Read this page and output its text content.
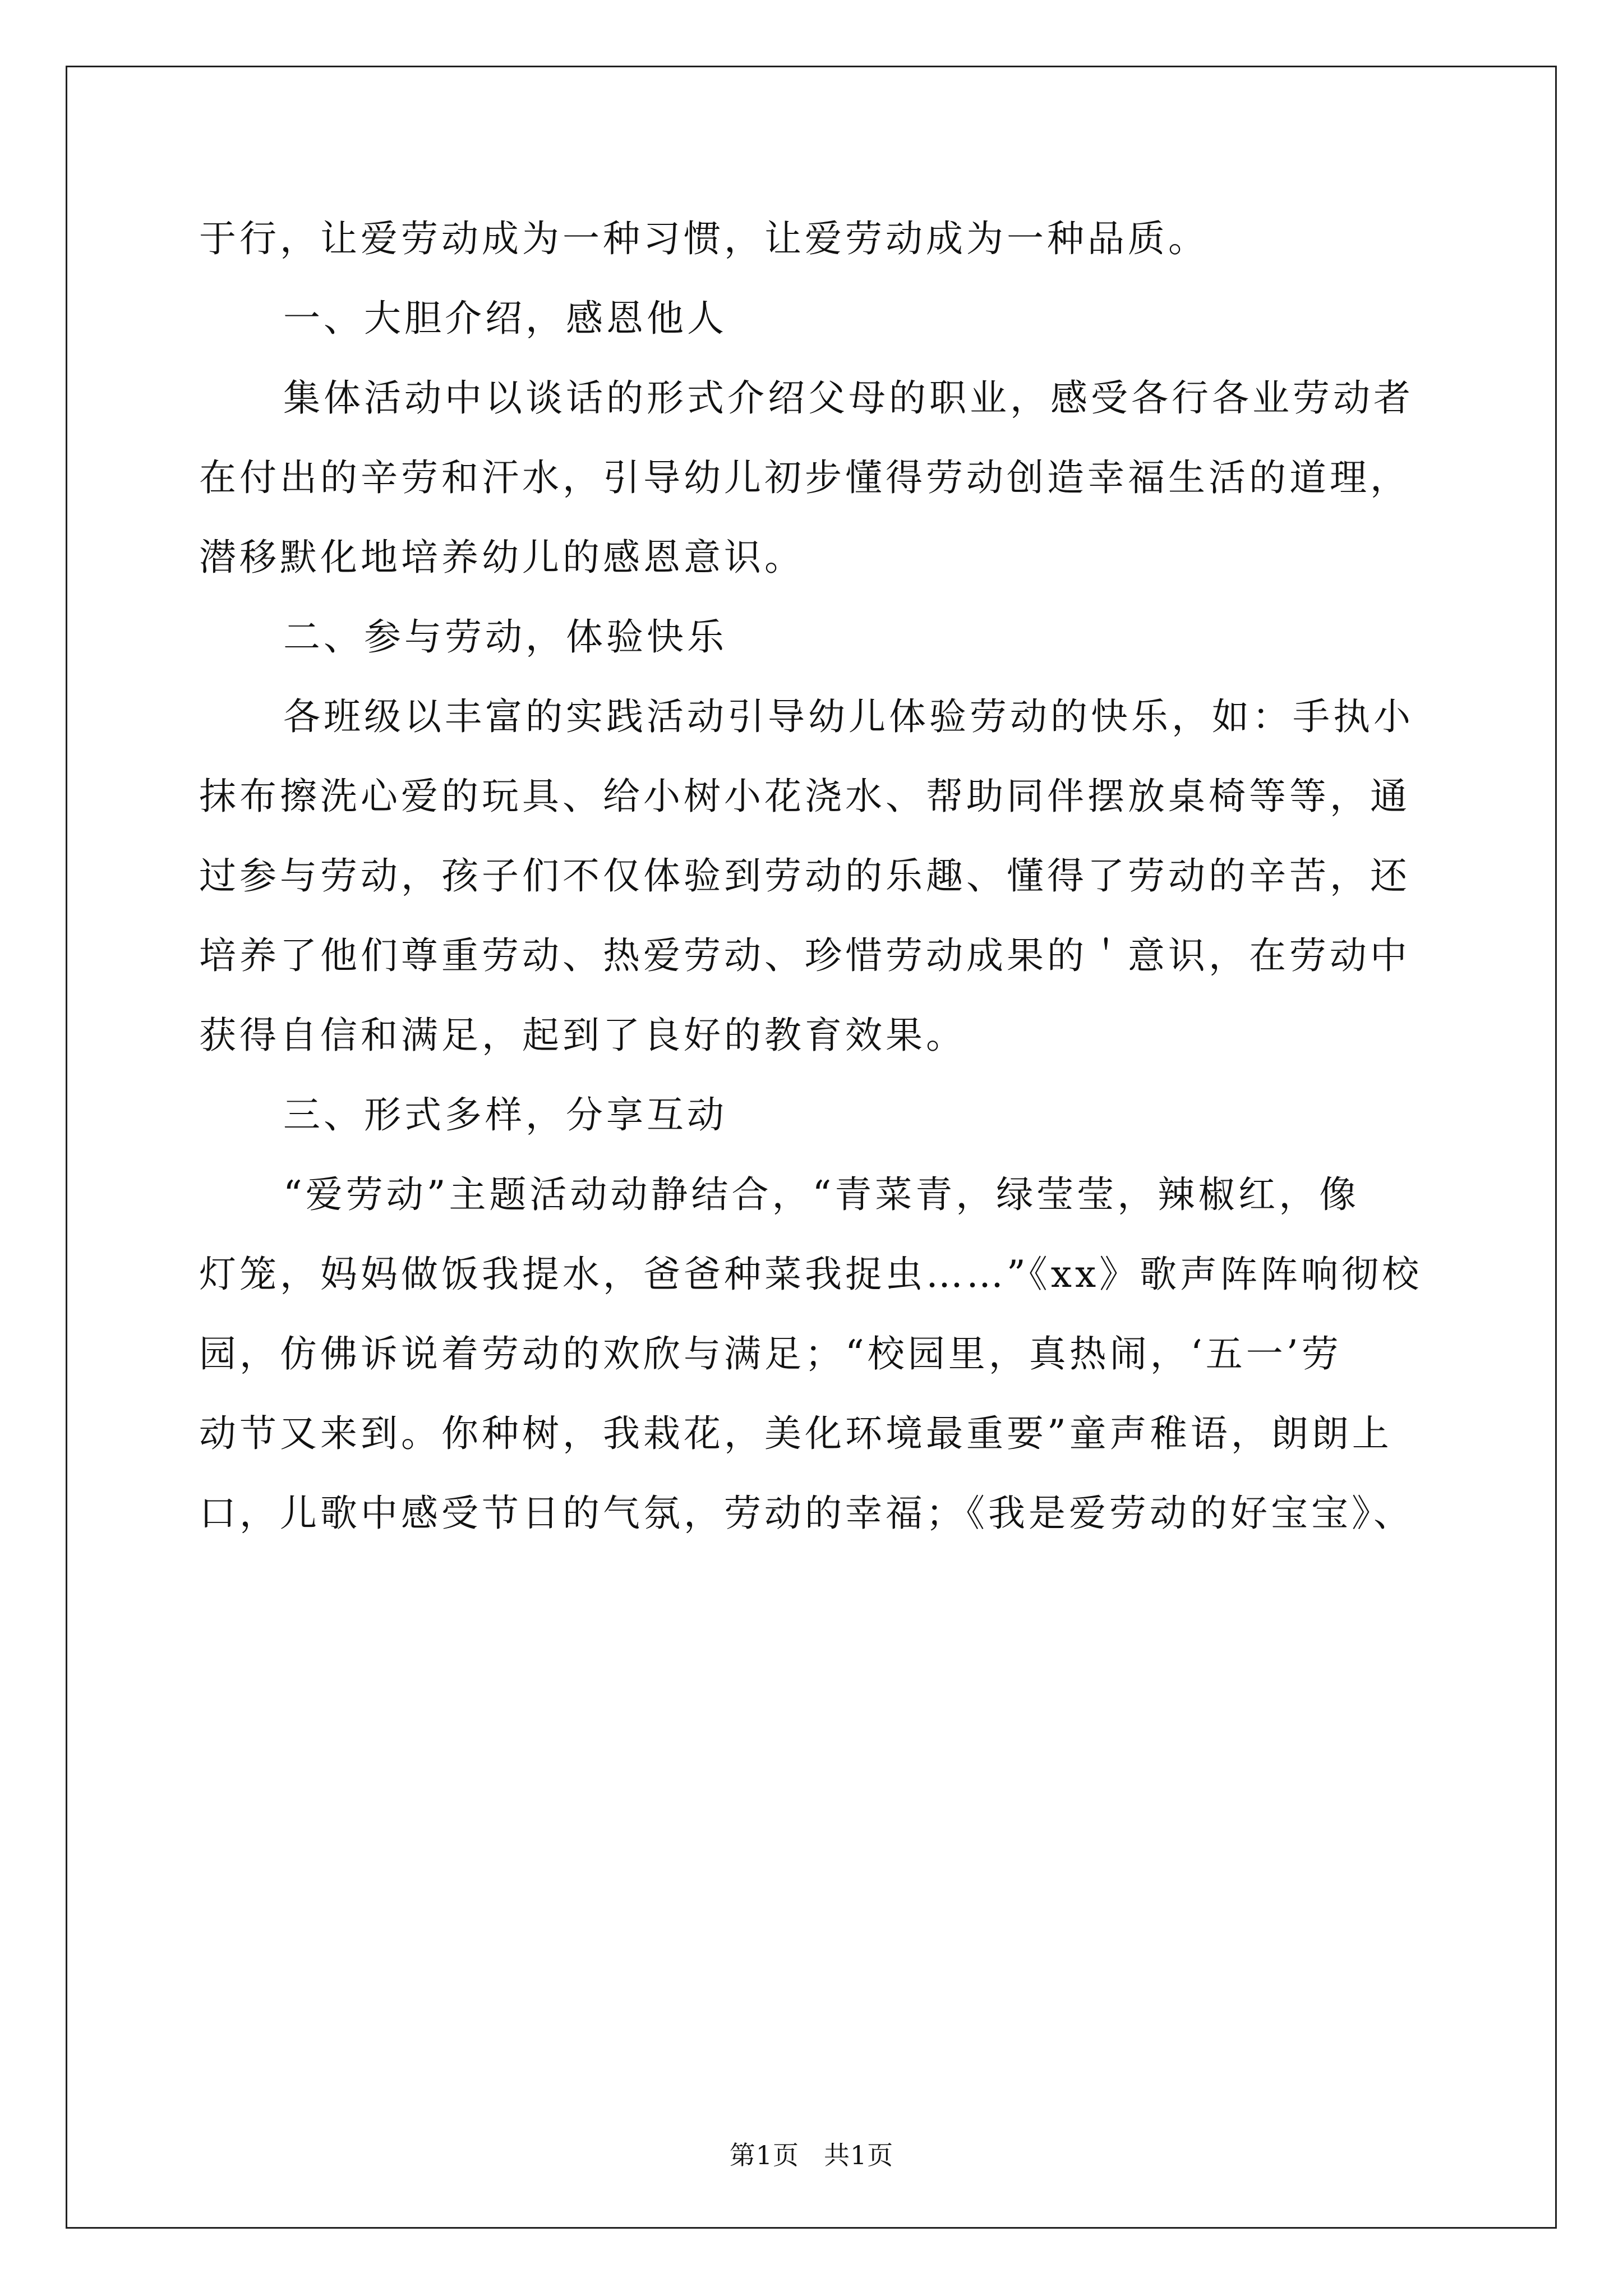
于行，让爱劳动成为一种习惯，让爱劳动成为一种品质。
一、大胆介绍，感恩他人
集体活动中以谈话的形式介绍父母的职业，感受各行各业劳动者
在付出的辛劳和汗水，引导幼儿初步懂得劳动创造幸福生活的道理，
潜移默化地培养幼儿的感恩意识。
二、参与劳动，体验快乐
各班级以丰富的实践活动引导幼儿体验劳动的快乐，如：手执小
抹布擦洗心爱的玩具、给小树小花浇水、帮助同伴摆放桌椅等等，通
过参与劳动，孩子们不仅体验到劳动的乐趣、懂得了劳动的辛苦，还
培养了他们尊重劳动、热爱劳动、珍惜劳动成果的＇意识，在劳动中
获得自信和满足，起到了良好的教育效果。
三、形式多样，分享互动
“爱劳动”主题活动动静结合，“青菜青，绿莹莹，辣椒红，像
灯笼，妈妈做饭我提水，爸爸种菜我捉虫……”《xx》歌声阵阵响彻校
园，仿佛诉说着劳动的欢欣与满足；“校园里，真热闹，‘五一’劳
动节又来到。你种树，我栽花，美化环境最重要”童声稚语，朗朗上
口，儿歌中感受节日的气氛，劳动的幸福；《我是爱劳动的好宝宝》、
第1页 共1页
